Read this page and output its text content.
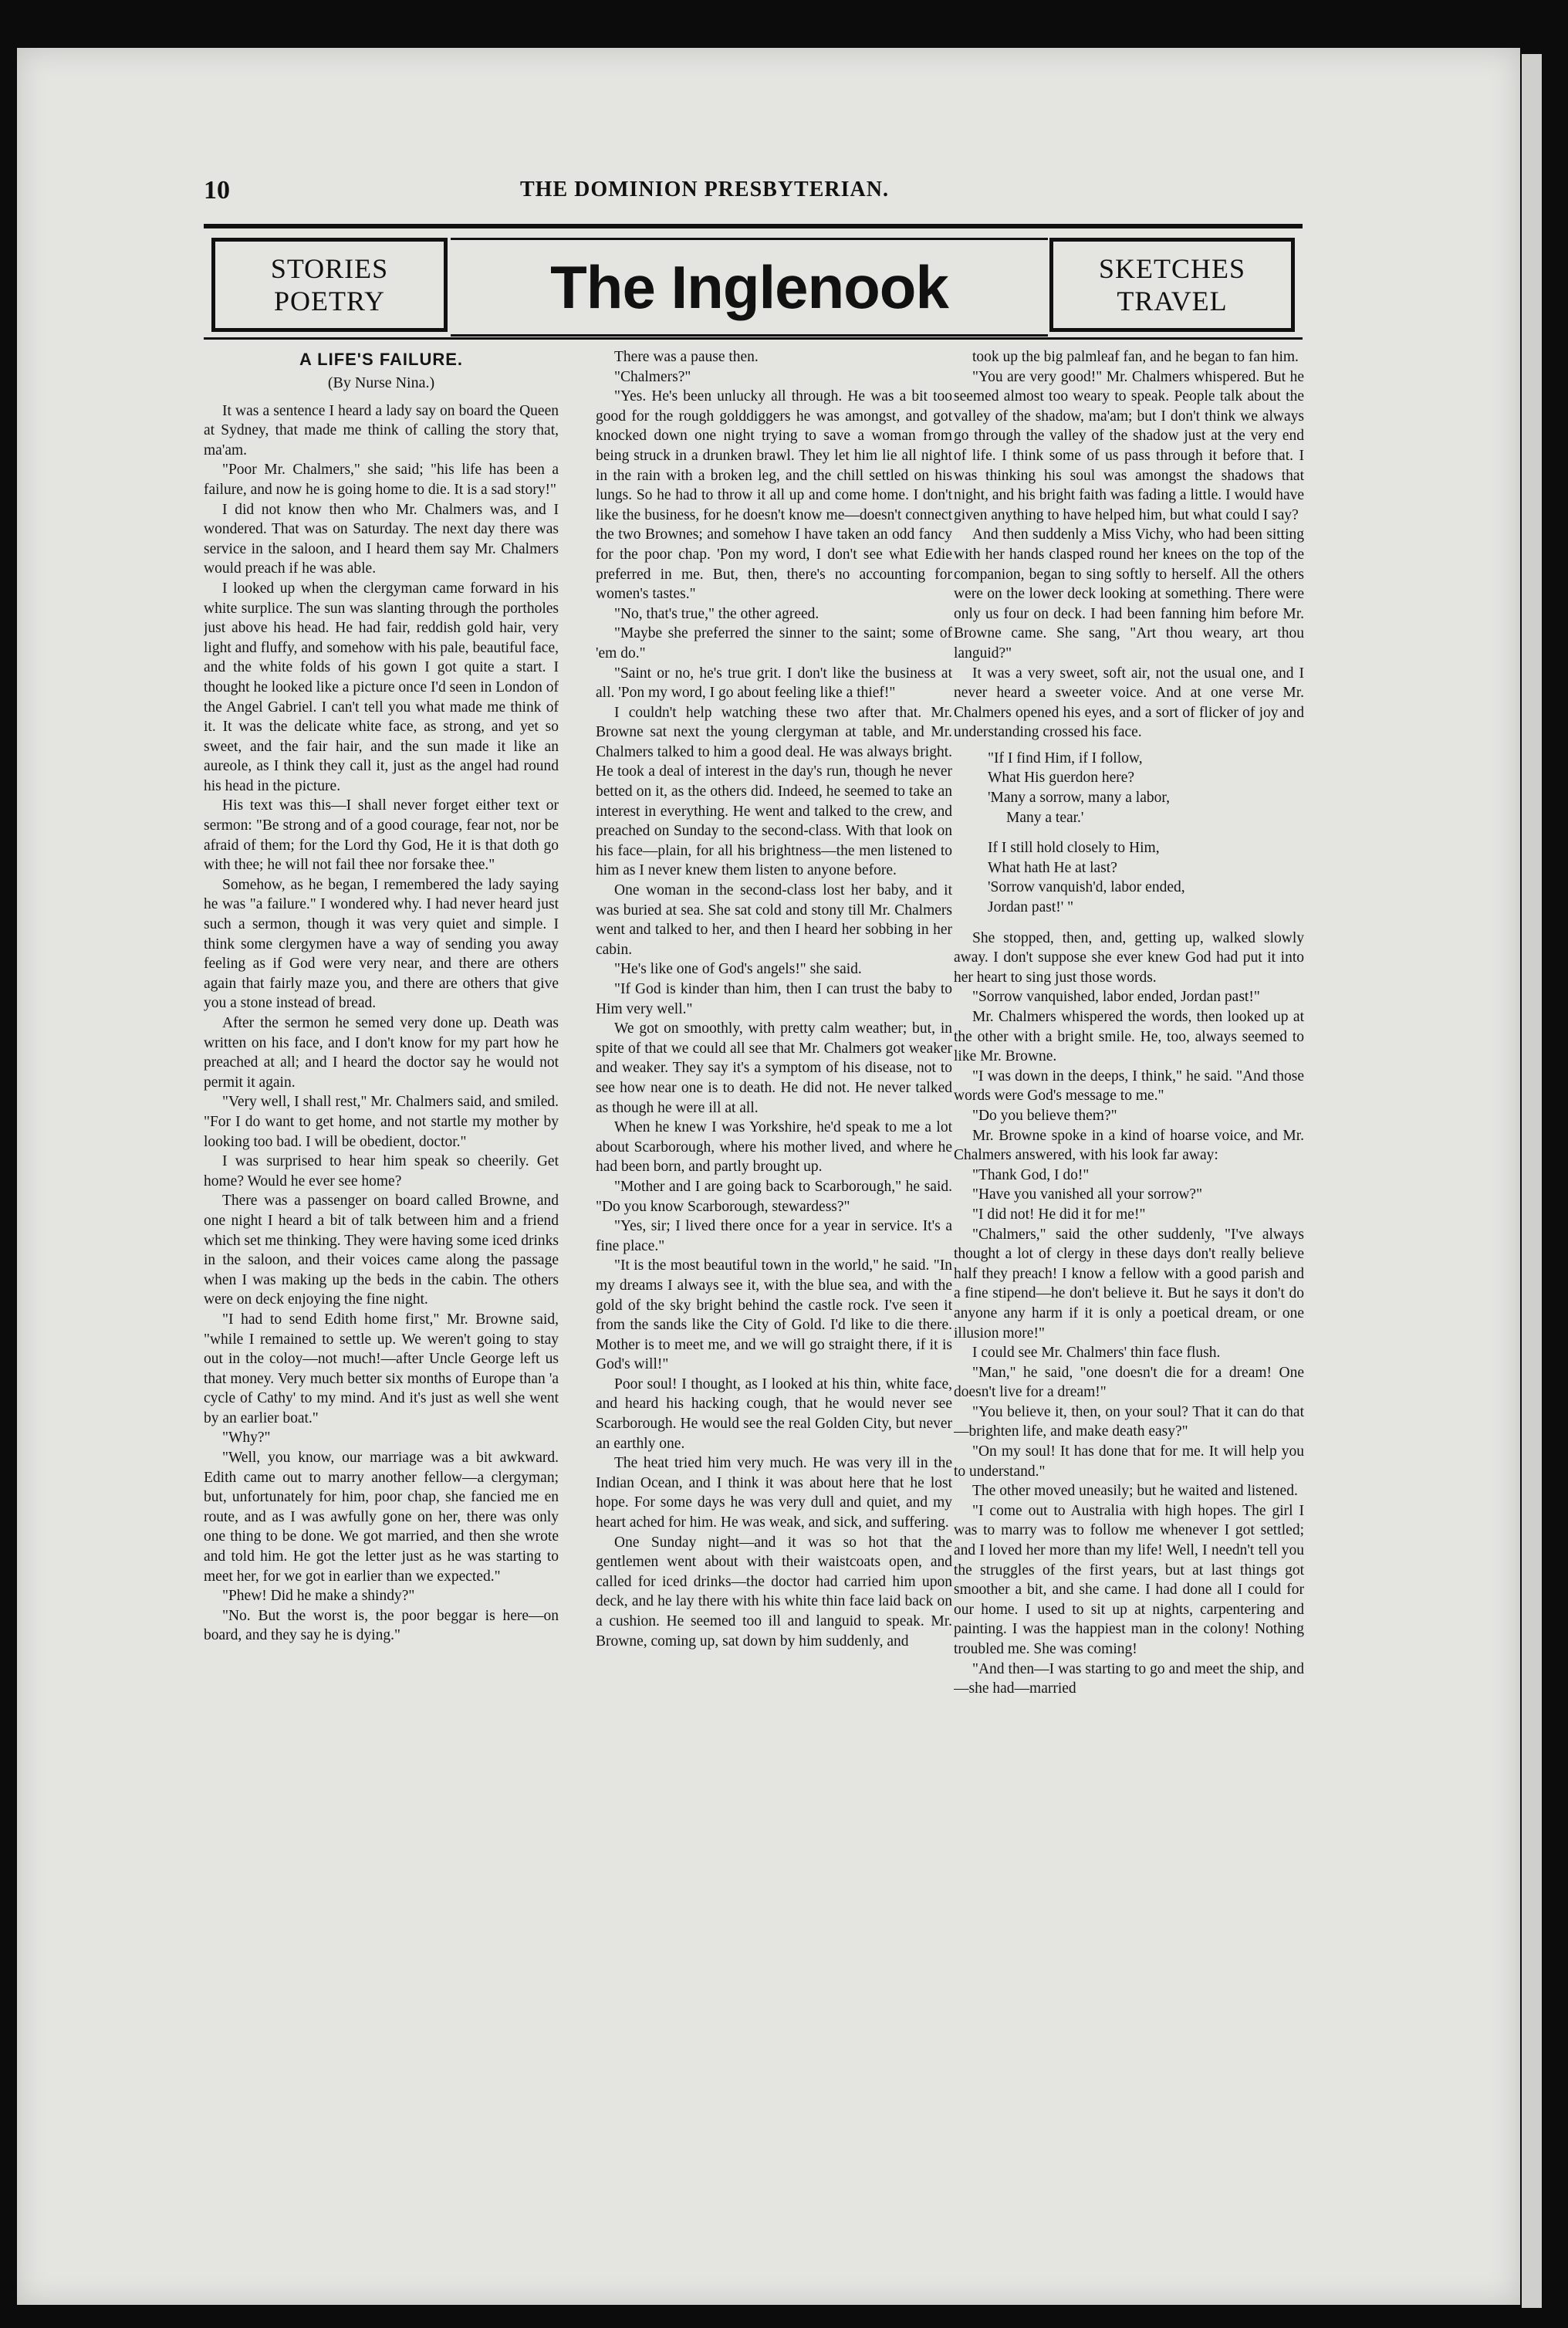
10	THE DOMINION PRESBYTERIAN.
STORIES
POETRY	The Inglenook	SKETCHES
TRAVEL
A LIFE'S FAILURE.
(By Nurse Nina.)

It was a sentence I heard a lady say on board the Queen at Sydney, that made me think of calling the story that, ma'am.

"Poor Mr. Chalmers," she said; "his life has been a failure, and now he is going home to die. It is a sad story!"

I did not know then who Mr. Chalmers was, and I wondered. That was on Saturday. The next day there was service in the saloon, and I heard them say Mr. Chalmers would preach if he was able.

I looked up when the clergyman came forward in his white surplice. The sun was slanting through the portholes just above his head. He had fair, reddish gold hair, very light and fluffy, and somehow with his pale, beautiful face, and the white folds of his gown I got quite a start. I thought he looked like a picture once I'd seen in London of the Angel Gabriel. I can't tell you what made me think of it. It was the delicate white face, as strong, and yet so sweet, and the fair hair, and the sun made it like an aureole, as I think they call it, just as the angel had round his head in the picture.

His text was this—I shall never forget either text or sermon: "Be strong and of a good courage, fear not, nor be afraid of them; for the Lord thy God, He it is that doth go with thee; he will not fail thee nor forsake thee."

Somehow, as he began, I remembered the lady saying he was "a failure." I wondered why. I had never heard just such a sermon, though it was very quiet and simple. I think some clergymen have a way of sending you away feeling as if God were very near, and there are others again that fairly maze you, and there are others that give you a stone instead of bread.

After the sermon he semed very done up. Death was written on his face, and I don't know for my part how he preached at all; and I heard the doctor say he would not permit it again.

"Very well, I shall rest," Mr. Chalmers said, and smiled. "For I do want to get home, and not startle my mother by looking too bad. I will be obedient, doctor."

I was surprised to hear him speak so cheerily. Get home? Would he ever see home?

There was a passenger on board called Browne, and one night I heard a bit of talk between him and a friend which set me thinking. They were having some iced drinks in the saloon, and their voices came along the passage when I was making up the beds in the cabin. The others were on deck enjoying the fine night.

"I had to send Edith home first," Mr. Browne said, "while I remained to settle up. We weren't going to stay out in the coloy—not much!—after Uncle George left us that money. Very much better six months of Europe than 'a cycle of Cathy' to my mind. And it's just as well she went by an earlier boat."

"Why?"

"Well, you know, our marriage was a bit awkward. Edith came out to marry another fellow—a clergyman; but, unfortunately for him, poor chap, she fancied me en route, and as I was awfully gone on her, there was only one thing to be done. We got married, and then she wrote and told him. He got the letter just as he was starting to meet her, for we got in earlier than we expected."

"Phew! Did he make a shindy?"

"No. But the worst is, the poor beggar is here—on board, and they say he is dying."

There was a pause then.

"Chalmers?"

"Yes. He's been unlucky all through. He was a bit too good for the rough golddiggers he was amongst, and got knocked down one night trying to save a woman from being struck in a drunken brawl. They let him lie all night in the rain with a broken leg, and the chill settled on his lungs. So he had to throw it all up and come home. I don't like the business, for he doesn't know me—doesn't connect the two Brownes; and somehow I have taken an odd fancy for the poor chap. 'Pon my word, I don't see what Edie preferred in me. But, then, there's no accounting for women's tastes."

"No, that's true," the other agreed.

"Maybe she preferred the sinner to the saint; some of 'em do."

"Saint or no, he's true grit. I don't like the business at all. 'Pon my word, I go about feeling like a thief!"

I couldn't help watching these two after that. Mr. Browne sat next the young clergyman at table, and Mr. Chalmers talked to him a good deal. He was always bright. He took a deal of interest in the day's run, though he never betted on it, as the others did. Indeed, he seemed to take an interest in everything. He went and talked to the crew, and preached on Sunday to the second-class. With that look on his face—plain, for all his brightness—the men listened to him as I never knew them listen to anyone before.

One woman in the second-class lost her baby, and it was buried at sea. She sat cold and stony till Mr. Chalmers went and talked to her, and then I heard her sobbing in her cabin.

"He's like one of God's angels!" she said.

"If God is kinder than him, then I can trust the baby to Him very well."

We got on smoothly, with pretty calm weather; but, in spite of that we could all see that Mr. Chalmers got weaker and weaker. They say it's a symptom of his disease, not to see how near one is to death. He did not. He never talked as though he were ill at all.

When he knew I was Yorkshire, he'd speak to me a lot about Scarborough, where his mother lived, and where he had been born, and partly brought up.

"Mother and I are going back to Scarborough," he said. "Do you know Scarborough, stewardess?"

"Yes, sir; I lived there once for a year in service. It's a fine place."

"It is the most beautiful town in the world," he said. "In my dreams I always see it, with the blue sea, and with the gold of the sky bright behind the castle rock. I've seen it from the sands like the City of Gold. I'd like to die there. Mother is to meet me, and we will go straight there, if it is God's will!"

Poor soul! I thought, as I looked at his thin, white face, and heard his hacking cough, that he would never see Scarborough. He would see the real Golden City, but never an earthly one.

The heat tried him very much. He was very ill in the Indian Ocean, and I think it was about here that he lost hope. For some days he was very dull and quiet, and my heart ached for him. He was weak, and sick, and suffering.

One Sunday night—and it was so hot that the gentlemen went about with their waistcoats open, and called for iced drinks—the doctor had carried him upon deck, and he lay there with his white thin face laid back on a cushion. He seemed too ill and languid to speak. Mr. Browne, coming up, sat down by him suddenly, and

took up the big palmleaf fan, and he began to fan him.

"You are very good!" Mr. Chalmers whispered. But he seemed almost too weary to speak. People talk about the valley of the shadow, ma'am; but I don't think we always go through the valley of the shadow just at the very end of life. I think some of us pass through it before that. I was thinking his soul was amongst the shadows that night, and his bright faith was fading a little. I would have given anything to have helped him, but what could I say?

And then suddenly a Miss Vichy, who had been sitting with her hands clasped round her knees on the top of the companion, began to sing softly to herself. All the others were on the lower deck looking at something. There were only us four on deck. I had been fanning him before Mr. Browne came. She sang, "Art thou weary, art thou languid?"

It was a very sweet, soft air, not the usual one, and I never heard a sweeter voice. And at one verse Mr. Chalmers opened his eyes, and a sort of flicker of joy and understanding crossed his face.

"If I find Him, if I follow,
What His guerdon here?
'Many a sorrow, many a labor,
Many a tear.'
If I still hold closely to Him,
What hath He at last?
'Sorrow vanquish'd, labor ended,
Jordan past!' "

She stopped, then, and, getting up, walked slowly away. I don't suppose she ever knew God had put it into her heart to sing just those words.

"Sorrow vanquished, labor ended, Jordan past!"

Mr. Chalmers whispered the words, then looked up at the other with a bright smile. He, too, always seemed to like Mr. Browne.

"I was down in the deeps, I think," he said. "And those words were God's message to me."

"Do you believe them?"

Mr. Browne spoke in a kind of hoarse voice, and Mr. Chalmers answered, with his look far away:

"Thank God, I do!"

"Have you vanished all your sorrow?"

"I did not! He did it for me!"

"Chalmers," said the other suddenly, "I've always thought a lot of clergy in these days don't really believe half they preach! I know a fellow with a good parish and a fine stipend—he don't believe it. But he says it don't do anyone any harm if it is only a poetical dream, or one illusion more!"

I could see Mr. Chalmers' thin face flush.

"Man," he said, "one doesn't die for a dream! One doesn't live for a dream!"

"You believe it, then, on your soul? That it can do that—brighten life, and make death easy?"

"On my soul! It has done that for me. It will help you to understand."

The other moved uneasily; but he waited and listened.

"I come out to Australia with high hopes. The girl I was to marry was to follow me whenever I got settled; and I loved her more than my life! Well, I needn't tell you the struggles of the first years, but at last things got smoother a bit, and she came. I had done all I could for our home. I used to sit up at nights, carpentering and painting. I was the happiest man in the colony! Nothing troubled me. She was coming!

"And then—I was starting to go and meet the ship, and—she had—married
